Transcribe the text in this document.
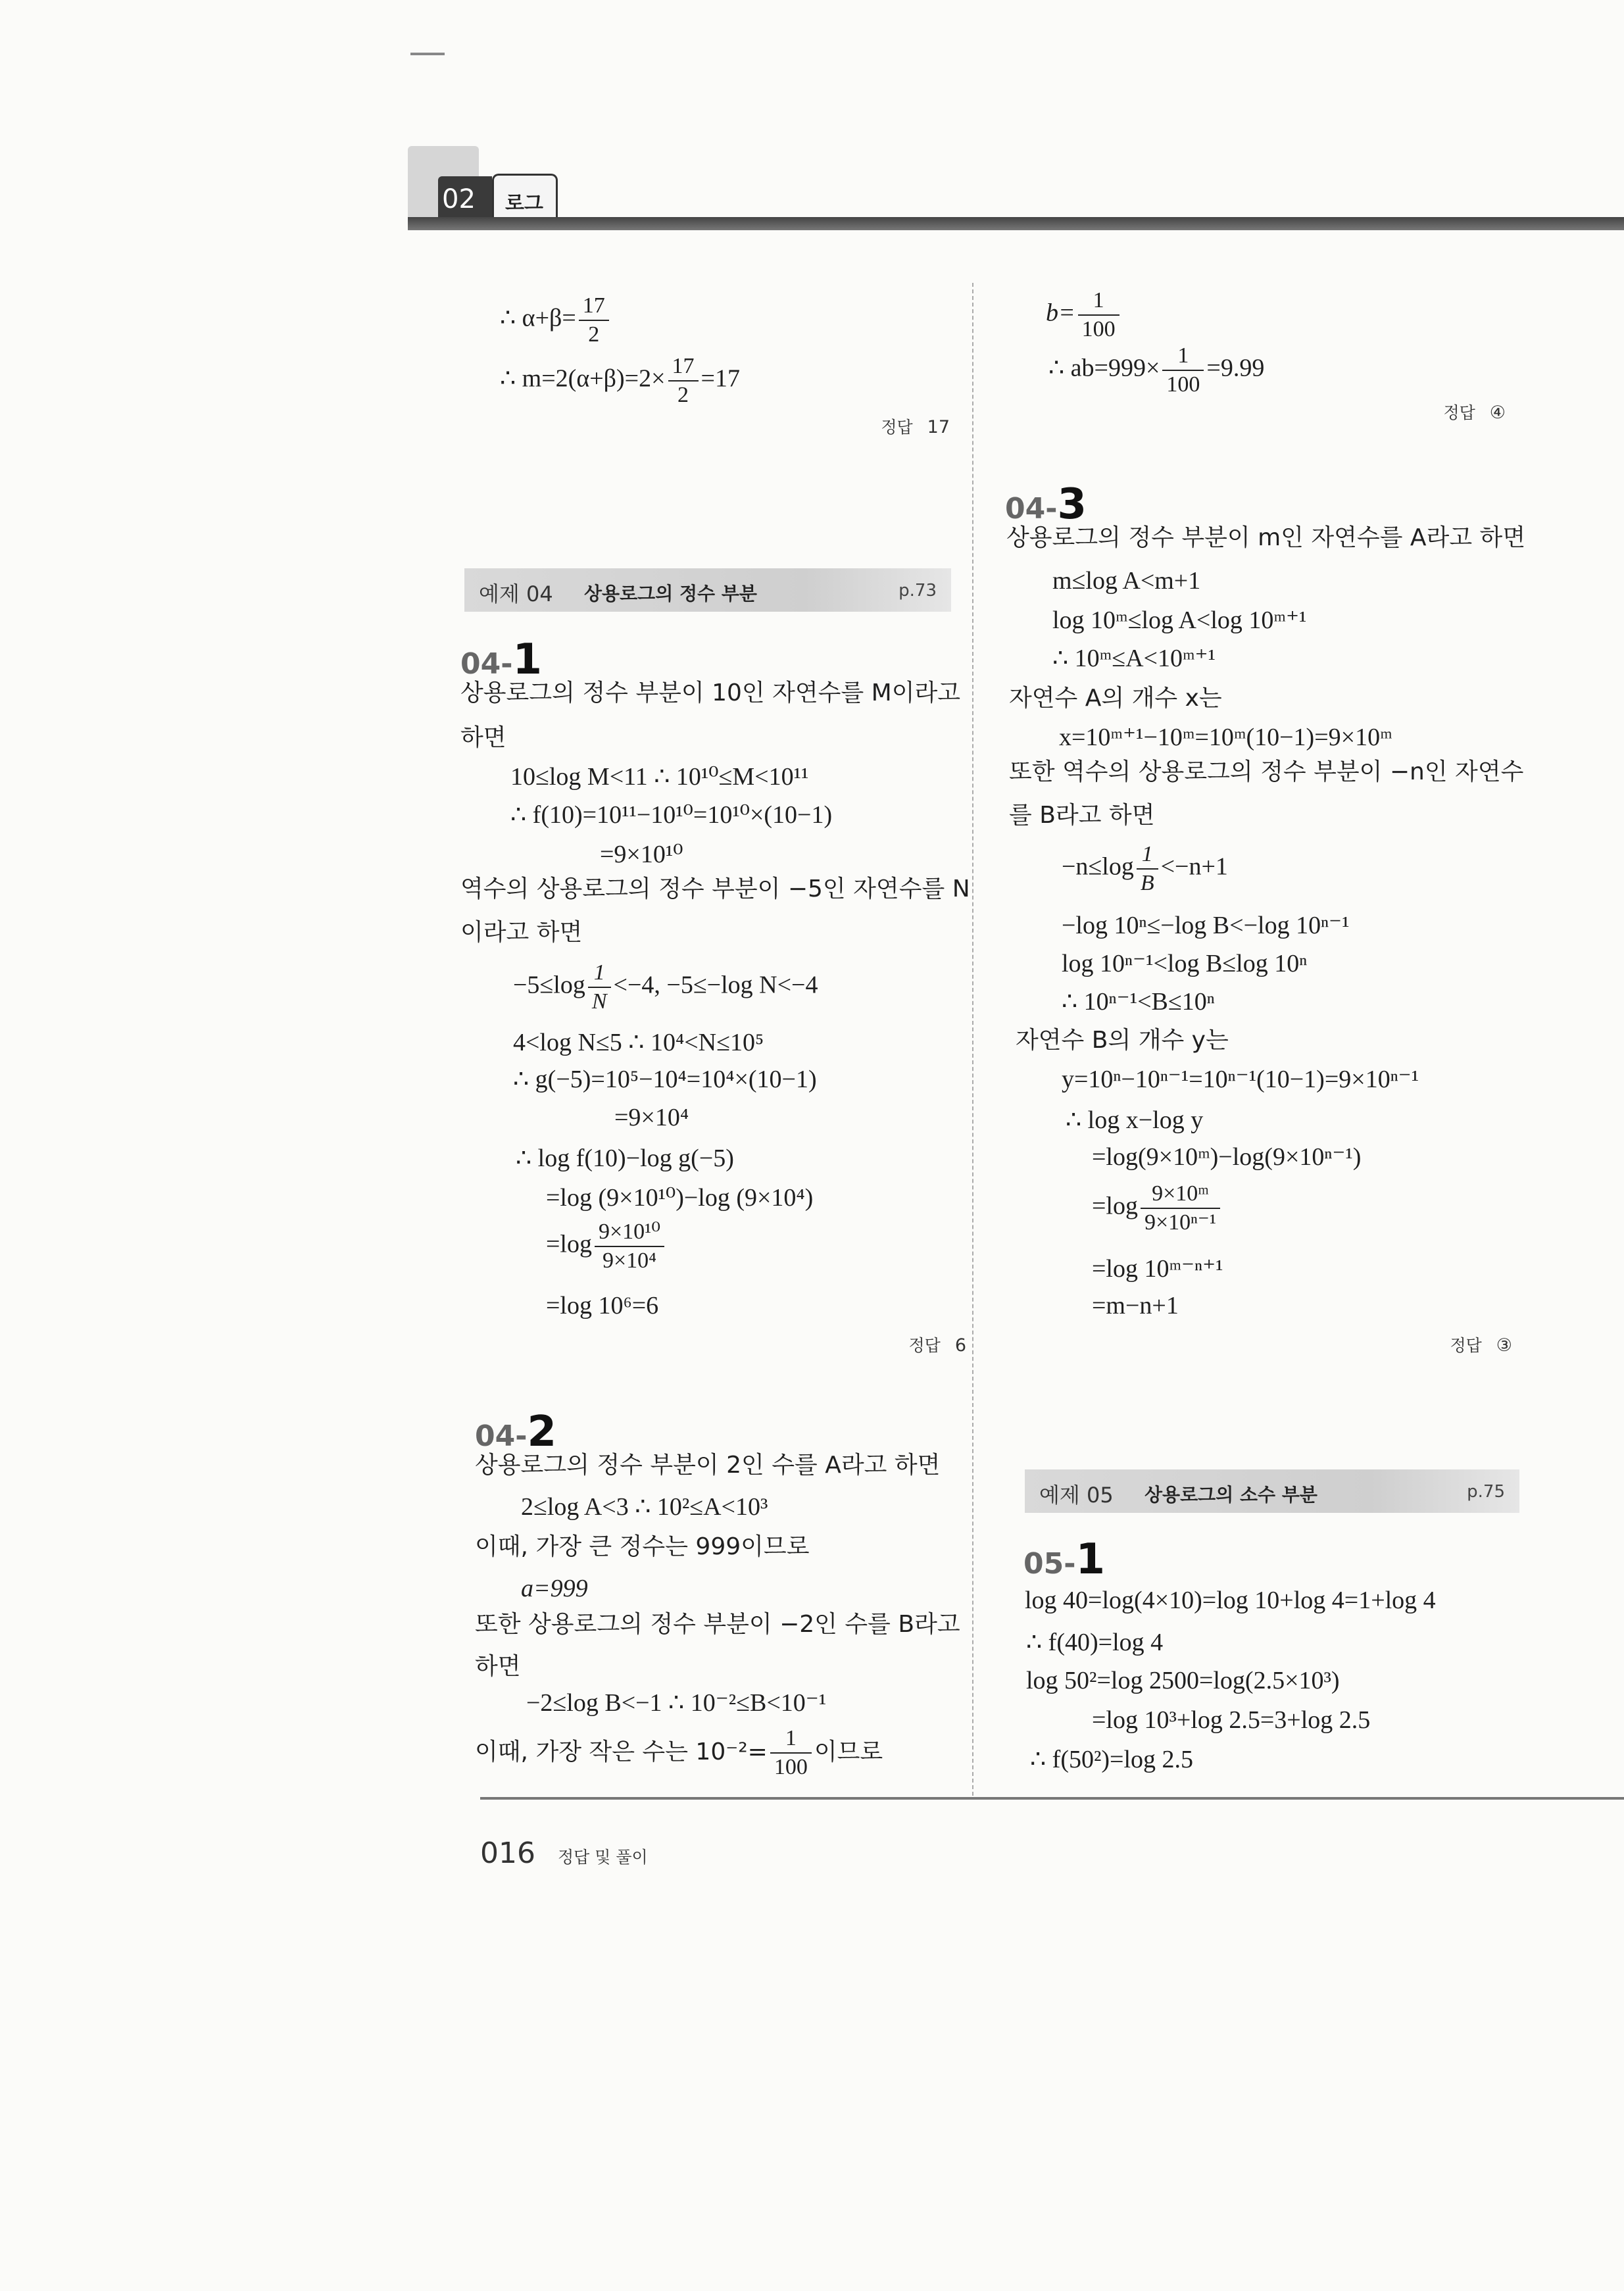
02 로그
∴ $\alpha+\beta= \frac{17}{2}$
∴ $m=2(\alpha+\beta)=2\times \frac{17}{2} =17$
정답 17
예제 04 상용로그의 정수 부분	p.73
04-1
상용로그의 정수 부분이 10인 자연수를 M이라고
하면
10≤log M<11 ∴ 10¹⁰≤M<10¹¹
∴ f(10)=10¹¹−10¹⁰=10¹⁰×(10−1)
=9×10¹⁰
역수의 상용로그의 정수 부분이 −5인 자연수를 N
이라고 하면
$-5\le\log \frac{1}{N} <-4$, −5≤−log N<−4
4<log N≤5 ∴ 10⁴<N≤10⁵
∴ g(−5)=10⁵−10⁴=10⁴×(10−1)
=9×10⁴
∴ log f(10)−log g(−5)
=log (9×10¹⁰)−log (9×10⁴)
$=\log \frac{\text{9×10¹⁰}}{\text{9×10⁴}}$
=log 10⁶=6
정답 6
04-2
상용로그의 정수 부분이 2인 수를 A라고 하면
2≤log A<3 ∴ 10²≤A<10³
이때, 가장 큰 정수는 999이므로
a=999
또한 상용로그의 정수 부분이 −2인 수를 B라고
하면
−2≤log B<−1 ∴ 10⁻²≤B<10⁻¹
이때, 가장 작은 수는 $10^{-2}= \frac{1}{100}$ 이므로
$b= \frac{1}{100}$
∴ $ab=999\times \frac{1}{100} =9.99$
정답 ④
04-3
상용로그의 정수 부분이 m인 자연수를 A라고 하면
m≤log A<m+1
log 10ᵐ≤log A<log 10ᵐ⁺¹
∴ 10ᵐ≤A<10ᵐ⁺¹
자연수 A의 개수 x는
x=10ᵐ⁺¹−10ᵐ=10ᵐ(10−1)=9×10ᵐ
또한 역수의 상용로그의 정수 부분이 −n인 자연수
를 B라고 하면
$-n\le\log \frac{1}{B} <-n+1$
−log 10ⁿ≤−log B<−log 10ⁿ⁻¹
log 10ⁿ⁻¹<log B≤log 10ⁿ
∴ 10ⁿ⁻¹<B≤10ⁿ
자연수 B의 개수 y는
y=10ⁿ−10ⁿ⁻¹=10ⁿ⁻¹(10−1)=9×10ⁿ⁻¹
∴ log x−log y
=log(9×10ᵐ)−log(9×10ⁿ⁻¹)
$=\log \frac{\text{9×10ᵐ}}{\text{9×10ⁿ⁻¹}}$
=log 10ᵐ⁻ⁿ⁺¹
=m−n+1
정답 ③
예제 05 상용로그의 소수 부분	p.75
05-1
log 40=log(4×10)=log 10+log 4=1+log 4
∴ f(40)=log 4
log 50²=log 2500=log(2.5×10³)
=log 10³+log 2.5=3+log 2.5
∴ f(50²)=log 2.5
016 정답 및 풀이
